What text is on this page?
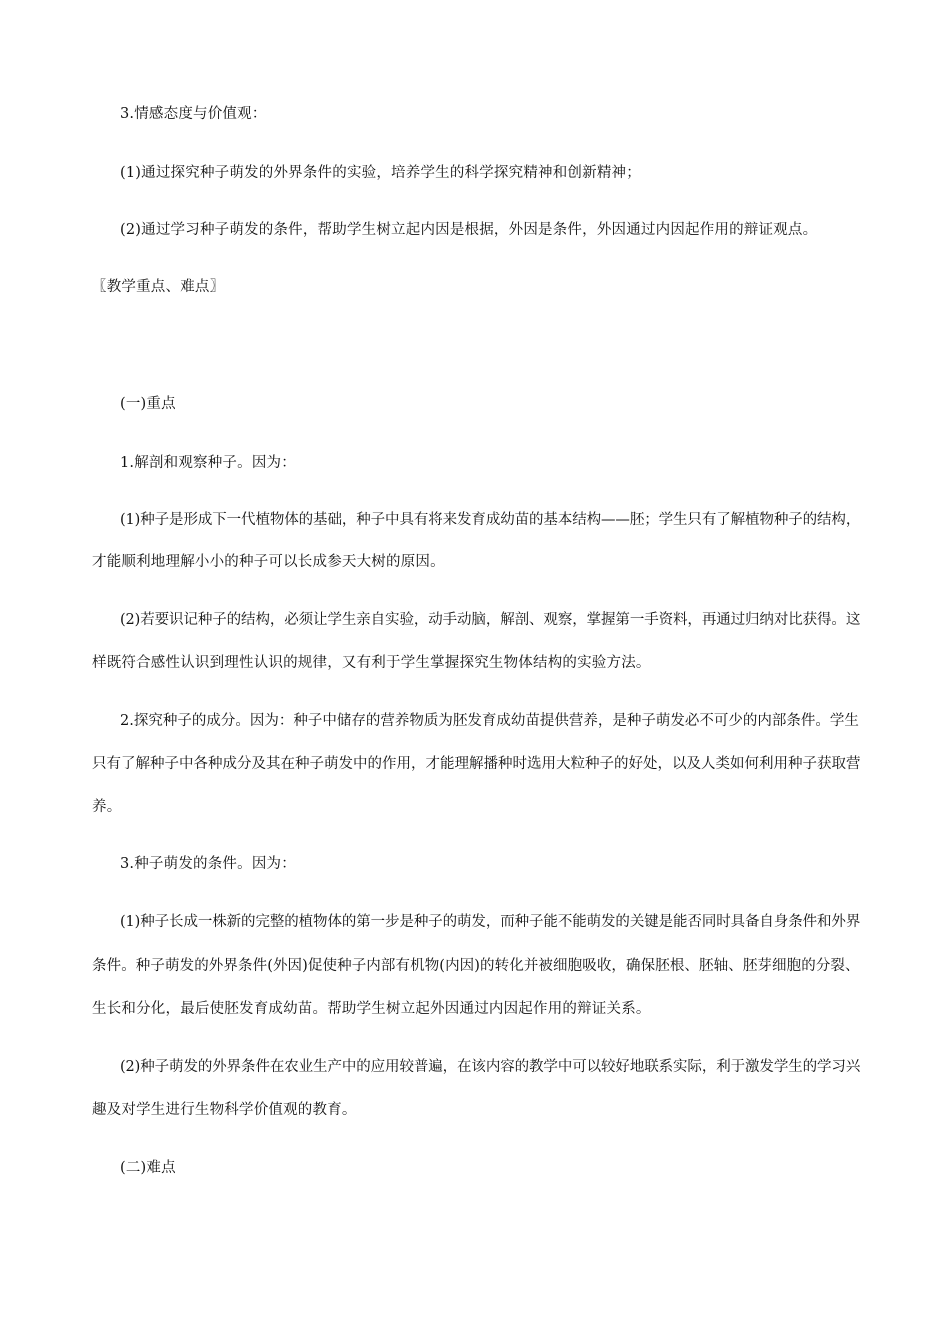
3.情感态度与价值观：
(1)通过探究种子萌发的外界条件的实验，培养学生的科学探究精神和创新精神；
(2)通过学习种子萌发的条件，帮助学生树立起内因是根据，外因是条件，外因通过内因起作用的辩证观点。
〖教学重点、难点〗
(一)重点
1.解剖和观察种子。因为：
(1)种子是形成下一代植物体的基础，种子中具有将来发育成幼苗的基本结构——胚；学生只有了解植物种子的结构，
才能顺利地理解小小的种子可以长成参天大树的原因。
(2)若要识记种子的结构，必须让学生亲自实验，动手动脑，解剖、观察，掌握第一手资料，再通过归纳对比获得。这
样既符合感性认识到理性认识的规律，又有利于学生掌握探究生物体结构的实验方法。
2.探究种子的成分。因为：种子中储存的营养物质为胚发育成幼苗提供营养，是种子萌发必不可少的内部条件。学生
只有了解种子中各种成分及其在种子萌发中的作用，才能理解播种时选用大粒种子的好处，以及人类如何利用种子获取营
养。
3.种子萌发的条件。因为：
(1)种子长成一株新的完整的植物体的第一步是种子的萌发，而种子能不能萌发的关键是能否同时具备自身条件和外界
条件。种子萌发的外界条件(外因)促使种子内部有机物(内因)的转化并被细胞吸收，确保胚根、胚轴、胚芽细胞的分裂、
生长和分化，最后使胚发育成幼苗。帮助学生树立起外因通过内因起作用的辩证关系。
(2)种子萌发的外界条件在农业生产中的应用较普遍，在该内容的教学中可以较好地联系实际，利于激发学生的学习兴
趣及对学生进行生物科学价值观的教育。
(二)难点
